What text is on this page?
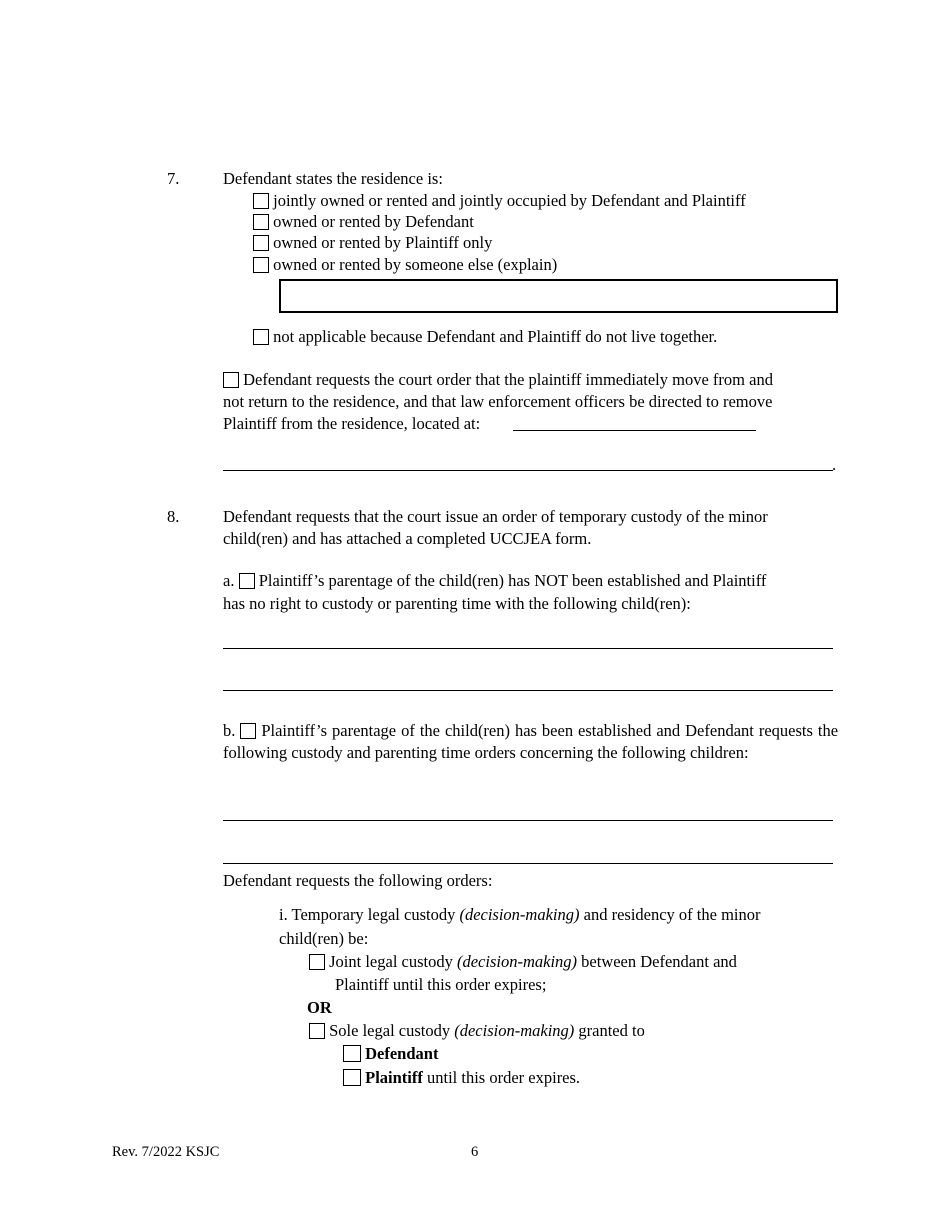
7.	Defendant states the residence is:
jointly owned or rented and jointly occupied by Defendant and Plaintiff
owned or rented by Defendant
owned or rented by Plaintiff only
owned or rented by someone else (explain)
not applicable because Defendant and Plaintiff do not live together.
Defendant requests the court order that the plaintiff immediately move from and
not return to the residence, and that law enforcement officers be directed to remove
Plaintiff from the residence, located at:
.
8.	Defendant requests that the court issue an order of temporary custody of the minor
child(ren) and has attached a completed UCCJEA form.
a. Plaintiff’s parentage of the child(ren) has NOT been established and Plaintiff
has no right to custody or parenting time with the following child(ren):
b. Plaintiff’s parentage of the child(ren) has been established and Defendant requests the following custody and parenting time orders concerning the following children:
Defendant requests the following orders:
i. Temporary legal custody (decision-making) and residency of the minor
child(ren) be:
Joint legal custody (decision-making) between Defendant and
Plaintiff until this order expires;
OR
Sole legal custody (decision-making) granted to
Defendant
Plaintiff until this order expires.
Rev. 7/2022 KSJC	6
